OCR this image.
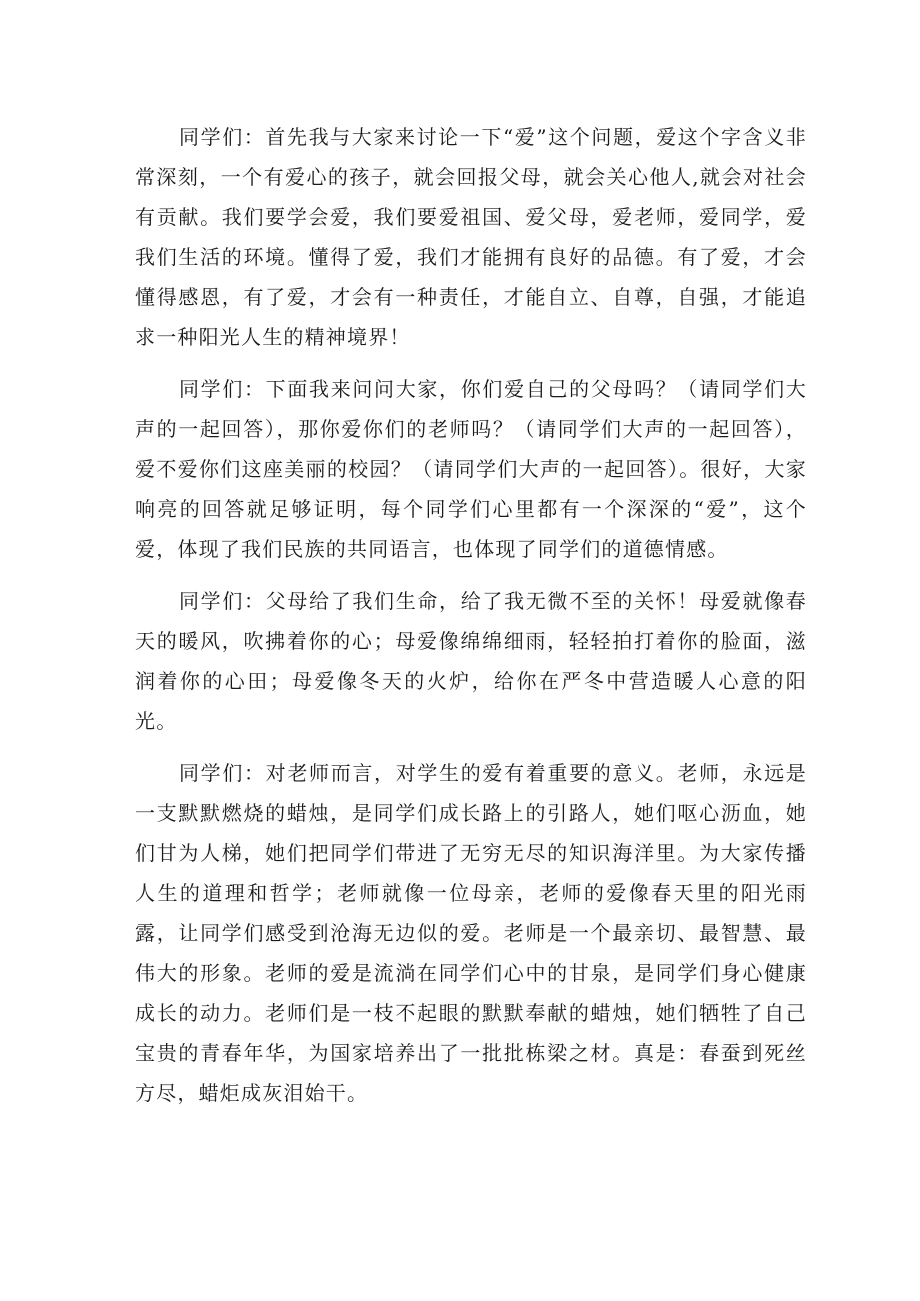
同学们：首先我与大家来讨论一下“爱”这个问题，爱这个字含义非常深刻，一个有爱心的孩子，就会回报父母，就会关心他人,就会对社会有贡献。我们要学会爱，我们要爱祖国、爱父母，爱老师，爱同学，爱我们生活的环境。懂得了爱，我们才能拥有良好的品德。有了爱，才会懂得感恩，有了爱，才会有一种责任，才能自立、自尊，自强，才能追求一种阳光人生的精神境界！

同学们：下面我来问问大家，你们爱自己的父母吗？（请同学们大声的一起回答），那你爱你们的老师吗？（请同学们大声的一起回答），爱不爱你们这座美丽的校园？（请同学们大声的一起回答）。很好，大家响亮的回答就足够证明，每个同学们心里都有一个深深的“爱”，这个爱，体现了我们民族的共同语言，也体现了同学们的道德情感。

同学们：父母给了我们生命，给了我无微不至的关怀！母爱就像春天的暖风，吹拂着你的心；母爱像绵绵细雨，轻轻拍打着你的脸面，滋润着你的心田；母爱像冬天的火炉，给你在严冬中营造暖人心意的阳光。

同学们：对老师而言，对学生的爱有着重要的意义。老师，永远是一支默默燃烧的蜡烛，是同学们成长路上的引路人，她们呕心沥血，她们甘为人梯，她们把同学们带进了无穷无尽的知识海洋里。为大家传播人生的道理和哲学；老师就像一位母亲，老师的爱像春天里的阳光雨露，让同学们感受到沧海无边似的爱。老师是一个最亲切、最智慧、最伟大的形象。老师的爱是流淌在同学们心中的甘泉，是同学们身心健康成长的动力。老师们是一枝不起眼的默默奉献的蜡烛，她们牺牲了自己宝贵的青春年华，为国家培养出了一批批栋梁之材。真是：春蚕到死丝方尽，蜡炬成灰泪始干。
